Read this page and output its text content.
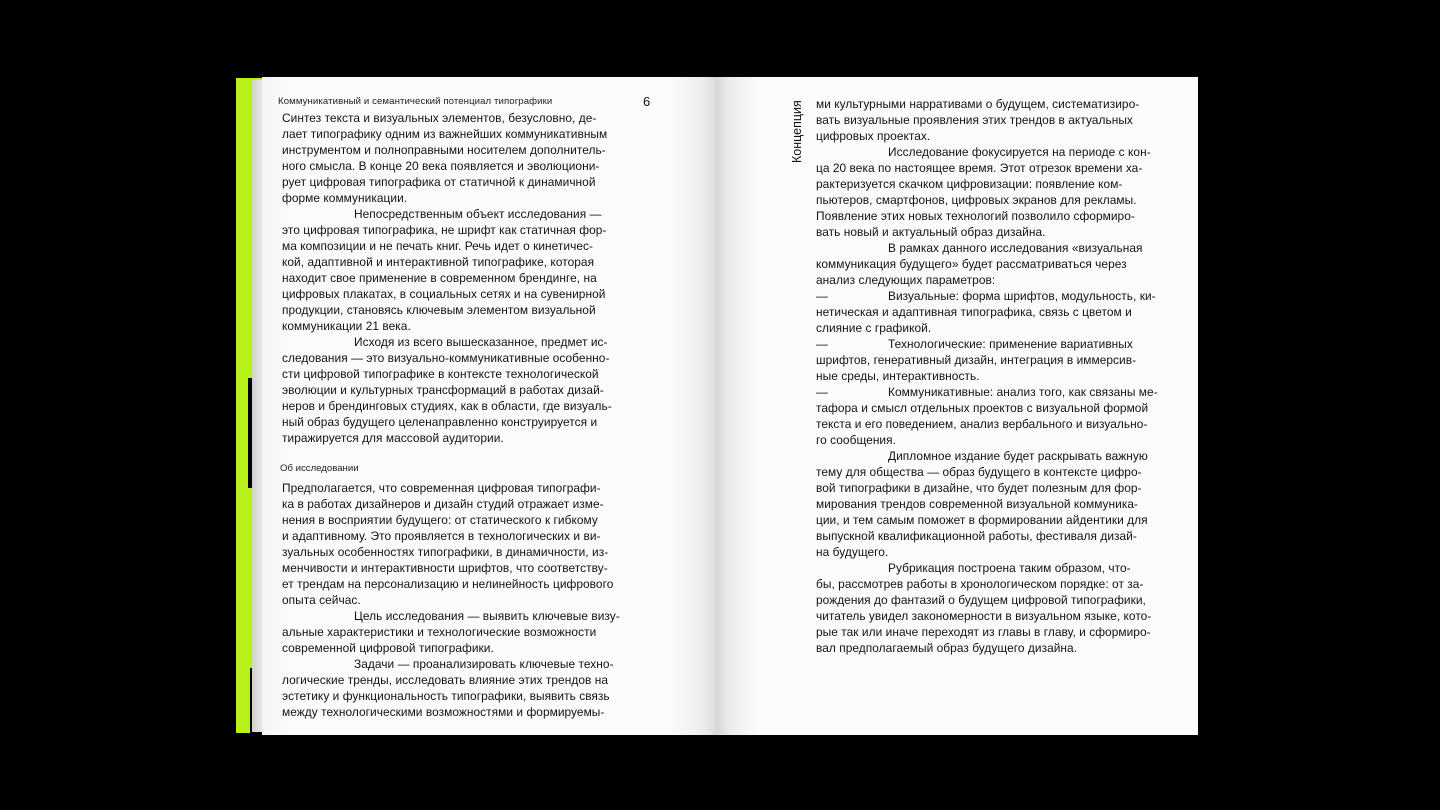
Коммуникативный и семантический потенциал типографики	6
Синтез текста и визуальных элементов, безусловно, де-
лает типографику одним из важнейших коммуникативным
инструментом и полноправными носителем дополнитель-
ного смысла. В конце 20 века появляется и эволюциони-
рует цифровая типографика от статичной к динамичной
форме коммуникации.
Непосредственным объект исследования —
это цифровая типографика, не шрифт как статичная фор-
ма композиции и не печать книг. Речь идет о кинетичес-
кой, адаптивной и интерактивной типографике, которая
находит свое применение в современном брендинге, на
цифровых плакатах, в социальных сетях и на сувенирной
продукции, становясь ключевым элементом визуальной
коммуникации 21 века.
Исходя из всего вышесказанное, предмет ис-
следования — это визуально-коммуникативные особенно-
сти цифровой типографике в контексте технологической
эволюции и культурных трансформаций в работах дизай-
неров и брендинговых студиях, как в области, где визуаль-
ный образ будущего целенаправленно конструируется и
тиражируется для массовой аудитории.
Об исследовании
Предполагается, что современная цифровая типографи-
ка в работах дизайнеров и дизайн студий отражает изме-
нения в восприятии будущего: от статического к гибкому
и адаптивному. Это проявляется в технологических и ви-
зуальных особенностях типографики, в динамичности, из-
менчивости и интерактивности шрифтов, что соответству-
ет трендам на персонализацию и нелинейность цифрового
опыта сейчас.
Цель исследования — выявить ключевые визу-
альные характеристики и технологические возможности
современной цифровой типографики.
Задачи — проанализировать ключевые техно-
логические тренды, исследовать влияние этих трендов на
эстетику и функциональность типографики, выявить связь
между технологическими возможностями и формируемы-
Концепция ми культурными нарративами о будущем, систематизиро-
вать визуальные проявления этих трендов в актуальных
цифровых проектах.
Исследование фокусируется на периоде с кон-
ца 20 века по настоящее время. Этот отрезок времени ха-
рактеризуется скачком цифровизации: появление ком-
пьютеров, смартфонов, цифровых экранов для рекламы.
Появление этих новых технологий позволило сформиро-
вать новый и актуальный образ дизайна.
В рамках данного исследования «визуальная
коммуникация будущего» будет рассматриваться через
анализ следующих параметров:
—	Визуальные: форма шрифтов, модульность, ки-
нетическая и адаптивная типографика, связь с цветом и
слияние с графикой.
—	Технологические: применение вариативных
шрифтов, генеративный дизайн, интеграция в иммерсив-
ные среды, интерактивность.
—	Коммуникативные: анализ того, как связаны ме-
тафора и смысл отдельных проектов с визуальной формой
текста и его поведением, анализ вербального и визуально-
го сообщения.
Дипломное издание будет раскрывать важную
тему для общества — образ будущего в контексте цифро-
вой типографики в дизайне, что будет полезным для фор-
мирования трендов современной визуальной коммуника-
ции, и тем самым поможет в формировании айдентики для
выпускной квалификационной работы, фестиваля дизай-
на будущего.
Рубрикация построена таким образом, что-
бы, рассмотрев работы в хронологическом порядке: от за-
рождения до фантазий о будущем цифровой типографики,
читатель увидел закономерности в визуальном языке, кото-
рые так или иначе переходят из главы в главу, и сформиро-
вал предполагаемый образ будущего дизайна.
